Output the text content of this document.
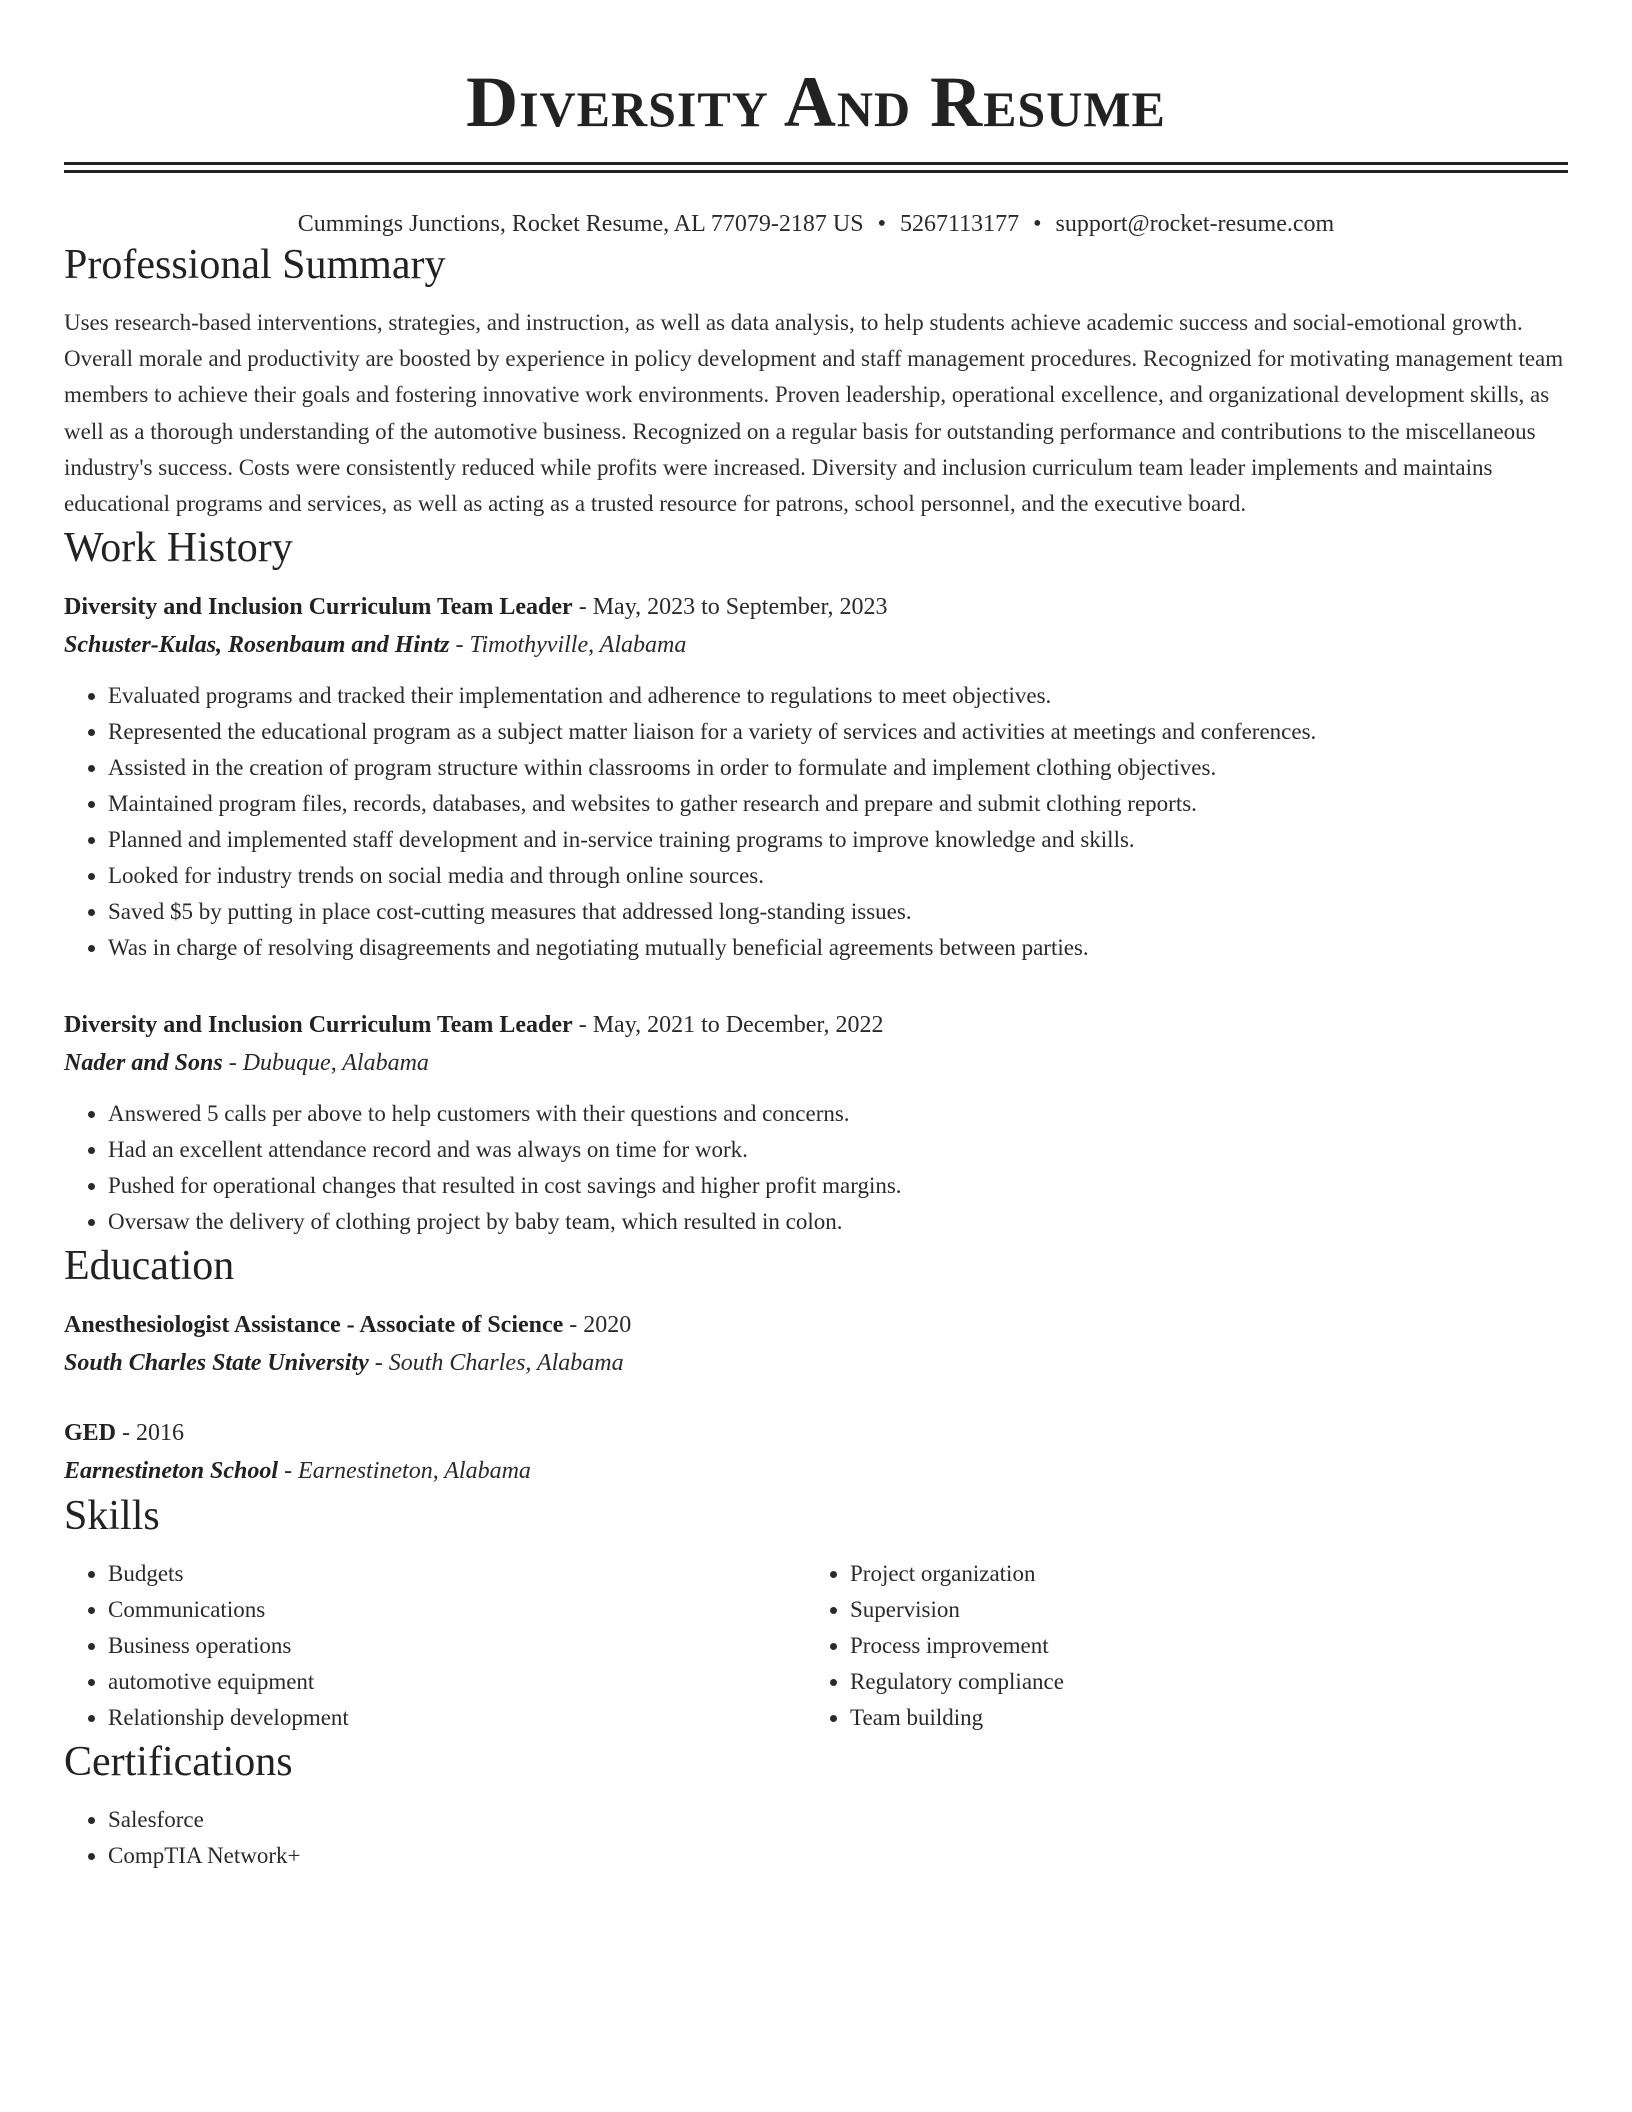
Diversity And Resume
Cummings Junctions, Rocket Resume, AL 77079-2187 US • 5267113177 • support@rocket-resume.com
Professional Summary
Uses research-based interventions, strategies, and instruction, as well as data analysis, to help students achieve academic success and social-emotional growth. Overall morale and productivity are boosted by experience in policy development and staff management procedures. Recognized for motivating management team members to achieve their goals and fostering innovative work environments. Proven leadership, operational excellence, and organizational development skills, as well as a thorough understanding of the automotive business. Recognized on a regular basis for outstanding performance and contributions to the miscellaneous industry's success. Costs were consistently reduced while profits were increased. Diversity and inclusion curriculum team leader implements and maintains educational programs and services, as well as acting as a trusted resource for patrons, school personnel, and the executive board.
Work History
Diversity and Inclusion Curriculum Team Leader - May, 2023 to September, 2023
Schuster-Kulas, Rosenbaum and Hintz - Timothyville, Alabama
• Evaluated programs and tracked their implementation and adherence to regulations to meet objectives.
• Represented the educational program as a subject matter liaison for a variety of services and activities at meetings and conferences.
• Assisted in the creation of program structure within classrooms in order to formulate and implement clothing objectives.
• Maintained program files, records, databases, and websites to gather research and prepare and submit clothing reports.
• Planned and implemented staff development and in-service training programs to improve knowledge and skills.
• Looked for industry trends on social media and through online sources.
• Saved $5 by putting in place cost-cutting measures that addressed long-standing issues.
• Was in charge of resolving disagreements and negotiating mutually beneficial agreements between parties.
Diversity and Inclusion Curriculum Team Leader - May, 2021 to December, 2022
Nader and Sons - Dubuque, Alabama
• Answered 5 calls per above to help customers with their questions and concerns.
• Had an excellent attendance record and was always on time for work.
• Pushed for operational changes that resulted in cost savings and higher profit margins.
• Oversaw the delivery of clothing project by baby team, which resulted in colon.
Education
Anesthesiologist Assistance - Associate of Science - 2020
South Charles State University - South Charles, Alabama
GED - 2016
Earnestineton School - Earnestineton, Alabama
Skills
• Budgets
• Communications
• Business operations
• automotive equipment
• Relationship development
• Project organization
• Supervision
• Process improvement
• Regulatory compliance
• Team building
Certifications
• Salesforce
• CompTIA Network+
